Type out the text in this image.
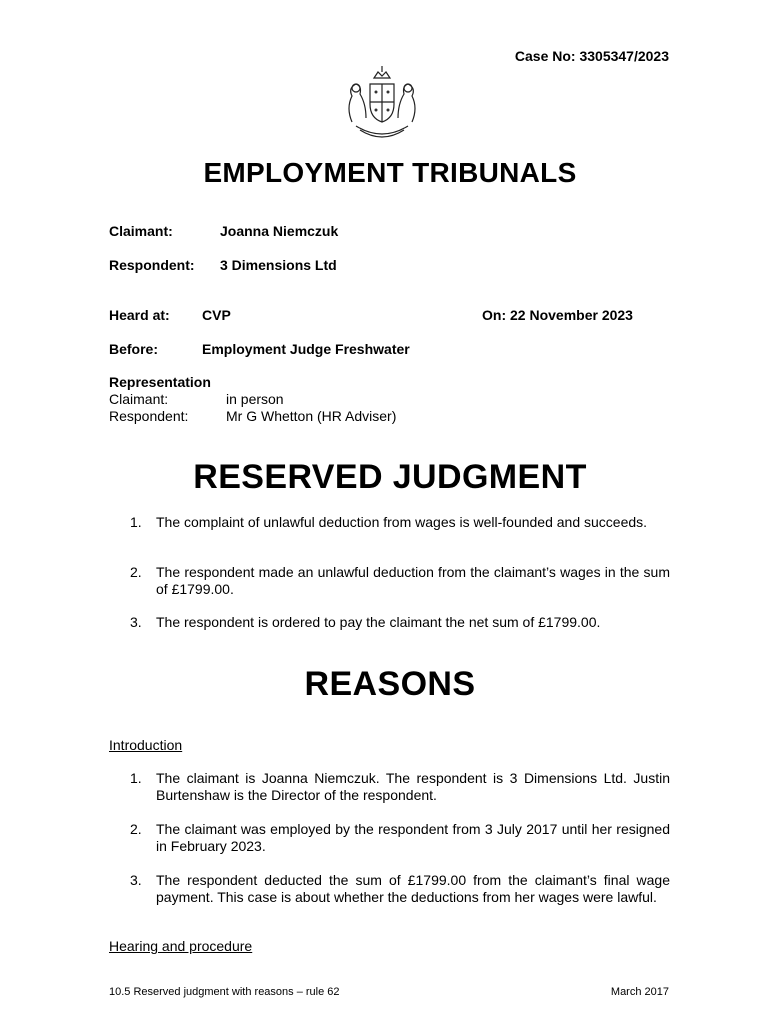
Case No: 3305347/2023
EMPLOYMENT TRIBUNALS
Claimant:	Joanna Niemczuk
Respondent: 3 Dimensions Ltd
Heard at: CVP	On: 22 November 2023
Before:	Employment Judge Freshwater
Representation
Claimant:	in person
Respondent:	Mr G Whetton (HR Adviser)
RESERVED JUDGMENT
1. The complaint of unlawful deduction from wages is well-founded and succeeds.
2. The respondent made an unlawful deduction from the claimant’s wages in the sum of £1799.00.
3. The respondent is ordered to pay the claimant the net sum of £1799.00.
REASONS
Introduction
1. The claimant is Joanna Niemczuk. The respondent is 3 Dimensions Ltd. Justin Burtenshaw is the Director of the respondent.
2. The claimant was employed by the respondent from 3 July 2017 until her resigned in February 2023.
3. The respondent deducted the sum of £1799.00 from the claimant’s final wage payment. This case is about whether the deductions from her wages were lawful.
Hearing and procedure
10.5 Reserved judgment with reasons – rule 62	March 2017
